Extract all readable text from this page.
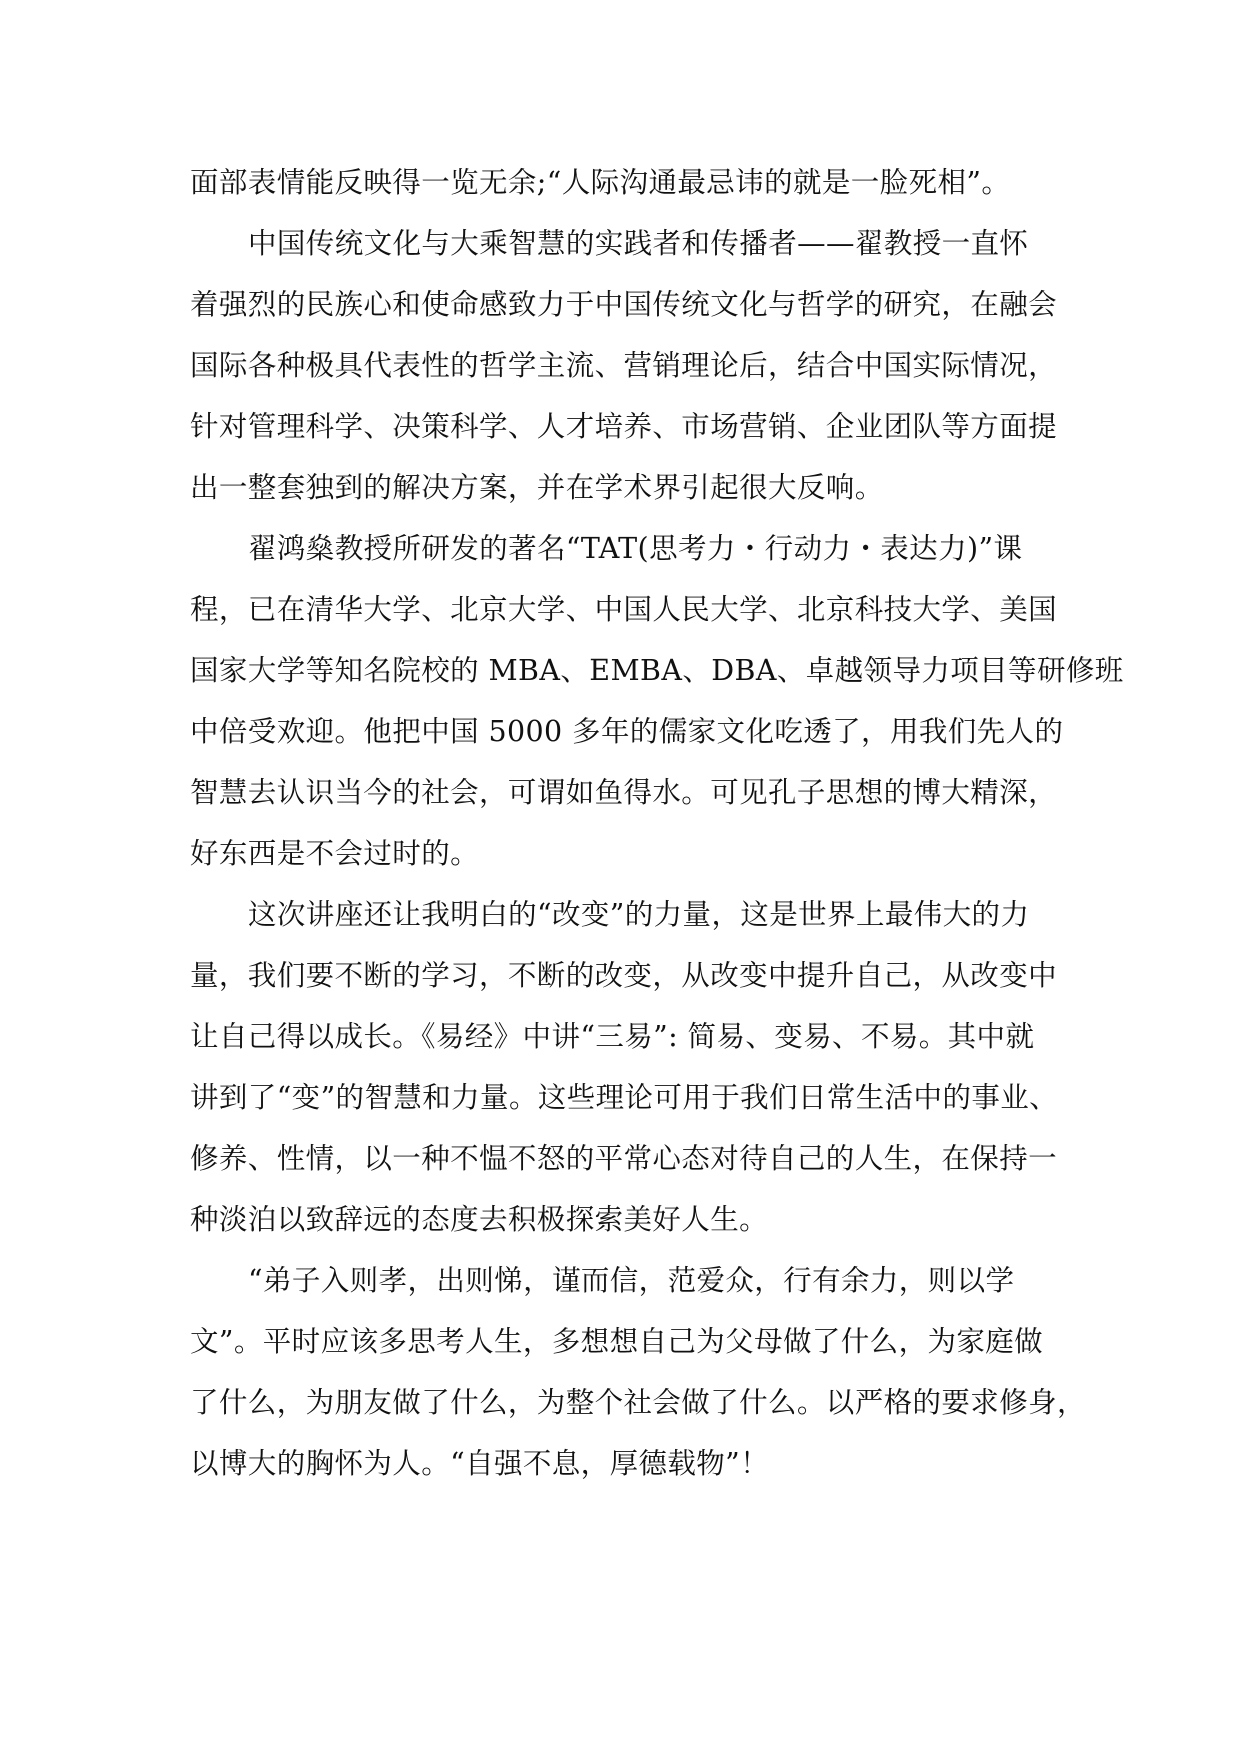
面部表情能反映得一览无余;“人际沟通最忌讳的就是一脸死相”。

中国传统文化与大乘智慧的实践者和传播者——翟教授一直怀
着强烈的民族心和使命感致力于中国传统文化与哲学的研究，在融会
国际各种极具代表性的哲学主流、营销理论后，结合中国实际情况，
针对管理科学、决策科学、人才培养、市场营销、企业团队等方面提
出一整套独到的解决方案，并在学术界引起很大反响。

翟鸿燊教授所研发的著名“TAT(思考力・行动力・表达力)”课
程，已在清华大学、北京大学、中国人民大学、北京科技大学、美国
国家大学等知名院校的 MBA、EMBA、DBA、卓越领导力项目等研修班
中倍受欢迎。他把中国 5000 多年的儒家文化吃透了，用我们先人的
智慧去认识当今的社会，可谓如鱼得水。可见孔子思想的博大精深，
好东西是不会过时的。

这次讲座还让我明白的“改变”的力量，这是世界上最伟大的力
量，我们要不断的学习，不断的改变，从改变中提升自己，从改变中
让自己得以成长。《易经》中讲“三易”: 简易、变易、不易。其中就
讲到了“变”的智慧和力量。这些理论可用于我们日常生活中的事业、
修养、性情，以一种不愠不怒的平常心态对待自己的人生，在保持一
种淡泊以致辞远的态度去积极探索美好人生。

“弟子入则孝，出则悌，谨而信，范爱众，行有余力，则以学
文”。平时应该多思考人生，多想想自己为父母做了什么，为家庭做
了什么，为朋友做了什么，为整个社会做了什么。以严格的要求修身，
以博大的胸怀为人。“自强不息，厚德载物”！
